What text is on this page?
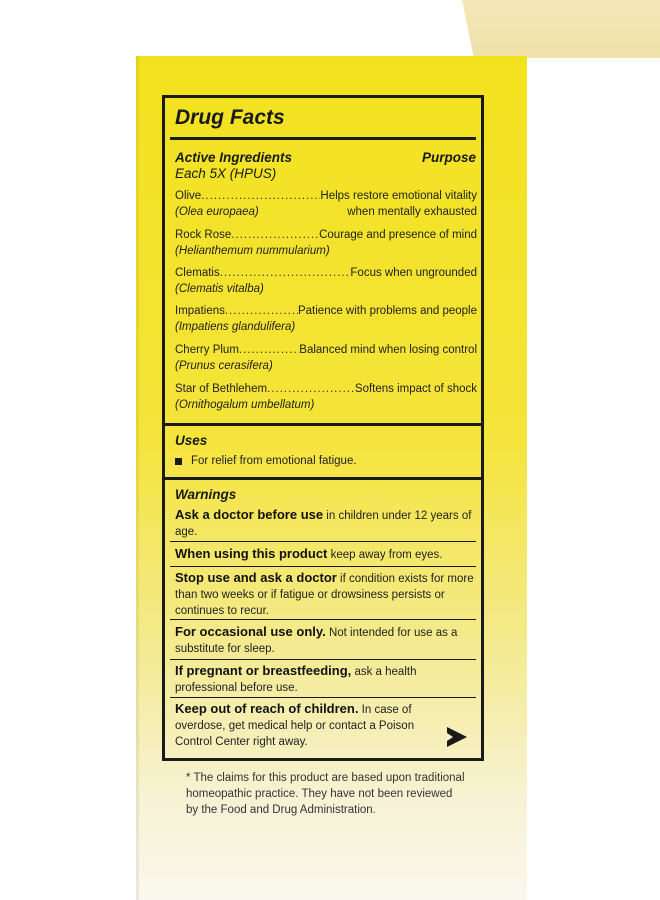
Drug Facts
Active Ingredients
Each 5X (HPUS)
Purpose
Olive .....	Helps restore emotional vitality
(Olea europaea)	when mentally exhausted
Rock Rose .....	Courage and presence of mind
(Helianthemum nummularium)
Clematis .....	Focus when ungrounded
(Clematis vitalba)
Impatiens .....	Patience with problems and people
(Impatiens glandulifera)
Cherry Plum .....	Balanced mind when losing control
(Prunus cerasifera)
Star of Bethlehem .....	Softens impact of shock
(Ornithogalum umbellatum)
Uses
For relief from emotional fatigue.
Warnings
Ask a doctor before use in children under 12 years of age.
When using this product keep away from eyes.
Stop use and ask a doctor if condition exists for more than two weeks or if fatigue or drowsiness persists or continues to recur.
For occasional use only. Not intended for use as a substitute for sleep.
If pregnant or breastfeeding, ask a health professional before use.
Keep out of reach of children. In case of overdose, get medical help or contact a Poison Control Center right away.
* The claims for this product are based upon traditional homeopathic practice. They have not been reviewed by the Food and Drug Administration.
